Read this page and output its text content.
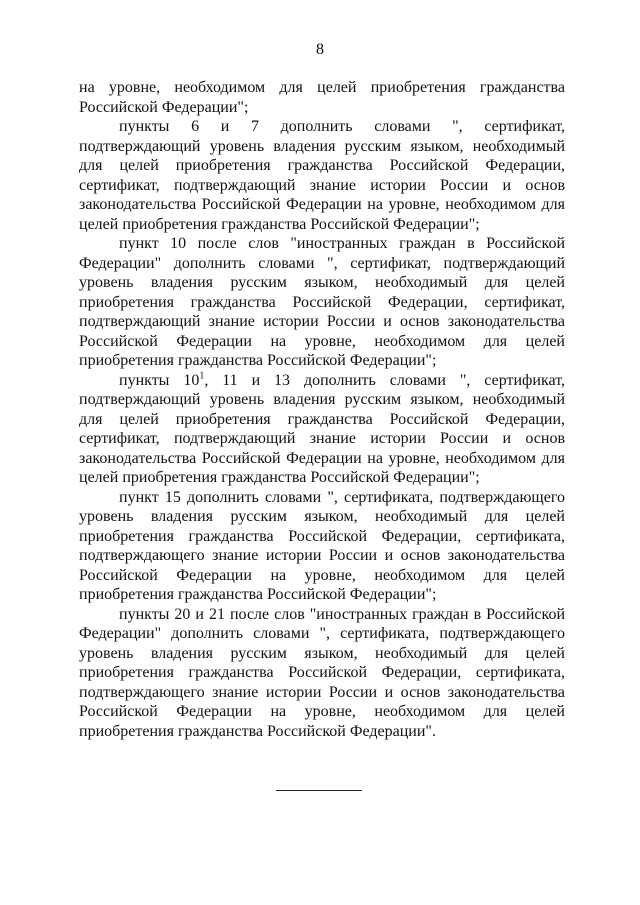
8

на уровне, необходимом для целей приобретения гражданства Российской Федерации";

пункты 6 и 7 дополнить словами ", сертификат, подтверждающий уровень владения русским языком, необходимый для целей приобретения гражданства Российской Федерации, сертификат, подтверждающий знание истории России и основ законодательства Российской Федерации на уровне, необходимом для целей приобретения гражданства Российской Федерации";

пункт 10 после слов "иностранных граждан в Российской Федерации" дополнить словами ", сертификат, подтверждающий уровень владения русским языком, необходимый для целей приобретения гражданства Российской Федерации, сертификат, подтверждающий знание истории России и основ законодательства Российской Федерации на уровне, необходимом для целей приобретения гражданства Российской Федерации";

пункты $10^1$, 11 и 13 дополнить словами ", сертификат, подтверждающий уровень владения русским языком, необходимый для целей приобретения гражданства Российской Федерации, сертификат, подтверждающий знание истории России и основ законодательства Российской Федерации на уровне, необходимом для целей приобретения гражданства Российской Федерации";

пункт 15 дополнить словами ", сертификата, подтверждающего уровень владения русским языком, необходимый для целей приобретения гражданства Российской Федерации, сертификата, подтверждающего знание истории России и основ законодательства Российской Федерации на уровне, необходимом для целей приобретения гражданства Российской Федерации";

пункты 20 и 21 после слов "иностранных граждан в Российской Федерации" дополнить словами ", сертификата, подтверждающего уровень владения русским языком, необходимый для целей приобретения гражданства Российской Федерации, сертификата, подтверждающего знание истории России и основ законодательства Российской Федерации на уровне, необходимом для целей приобретения гражданства Российской Федерации".
